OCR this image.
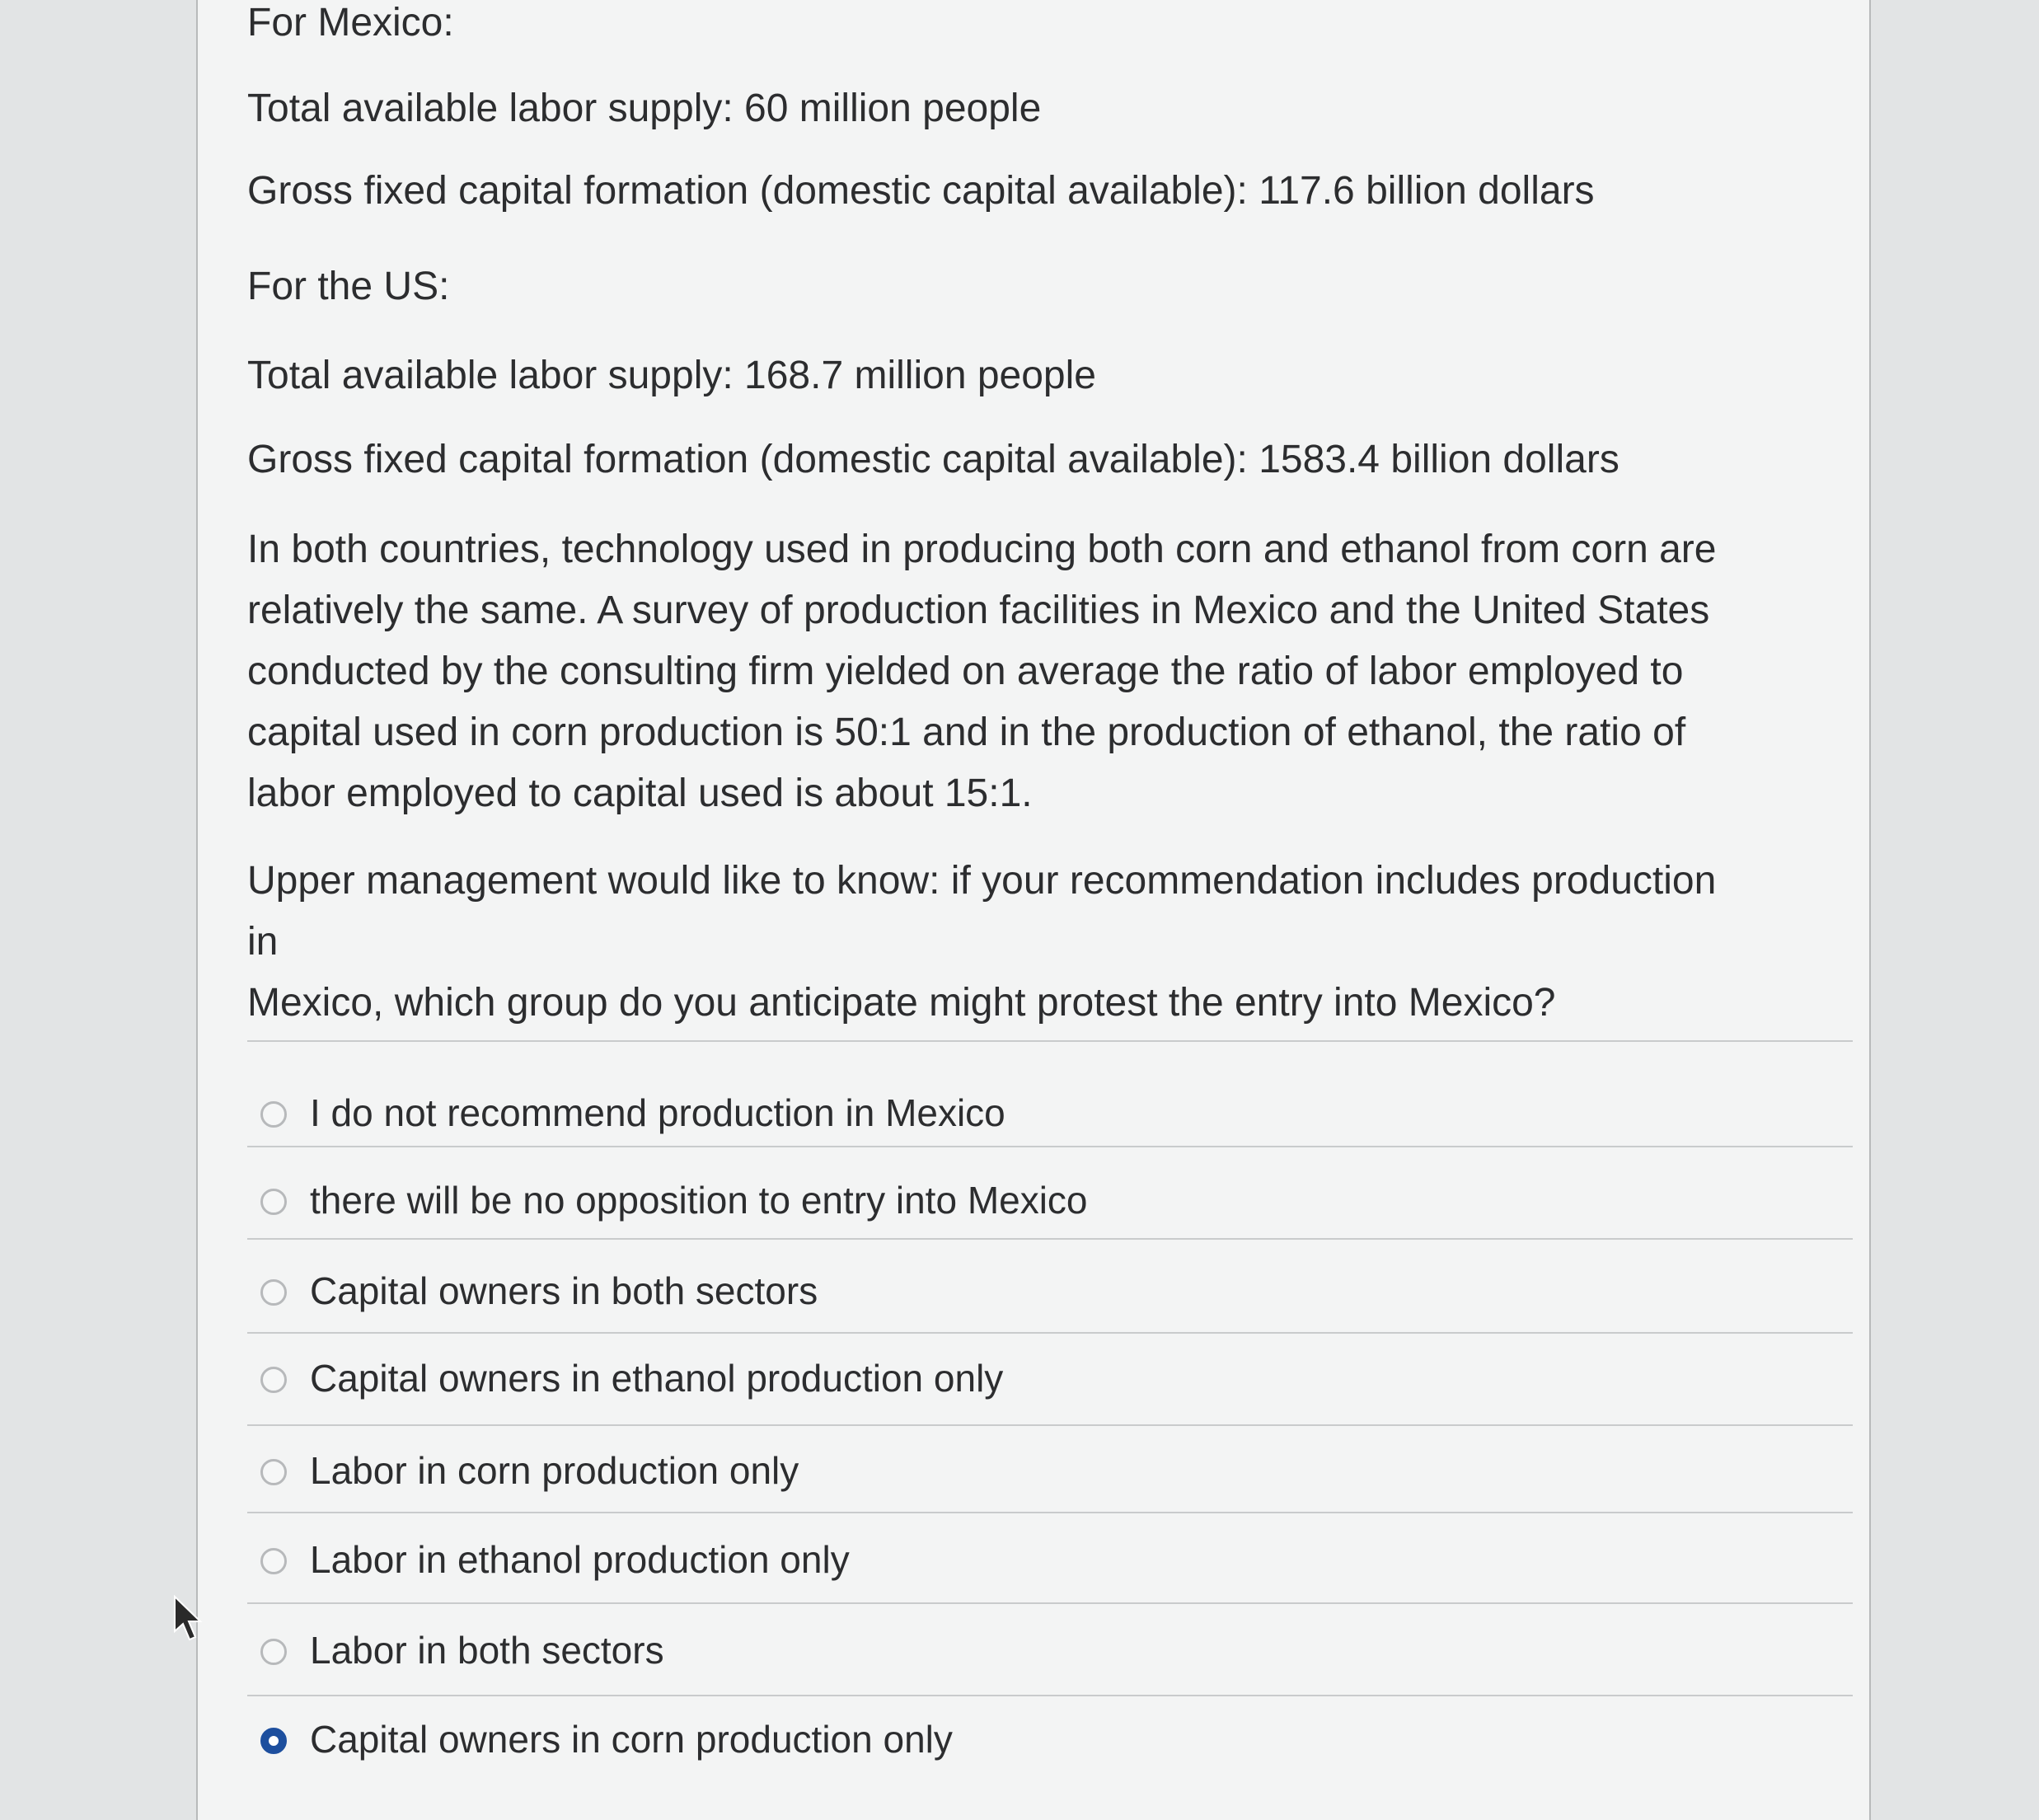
For Mexico:
Total available labor supply: 60 million people
Gross fixed capital formation (domestic capital available): 117.6 billion dollars
For the US:
Total available labor supply: 168.7 million people
Gross fixed capital formation (domestic capital available): 1583.4 billion dollars
In both countries, technology used in producing both corn and ethanol from corn are
relatively the same. A survey of production facilities in Mexico and the United States
conducted by the consulting firm yielded on average the ratio of labor employed to
capital used in corn production is 50:1 and in the production of ethanol, the ratio of
labor employed to capital used is about 15:1.
Upper management would like to know: if your recommendation includes production in
Mexico, which group do you anticipate might protest the entry into Mexico?
I do not recommend production in Mexico
there will be no opposition to entry into Mexico
Capital owners in both sectors
Capital owners in ethanol production only
Labor in corn production only
Labor in ethanol production only
Labor in both sectors
Capital owners in corn production only
